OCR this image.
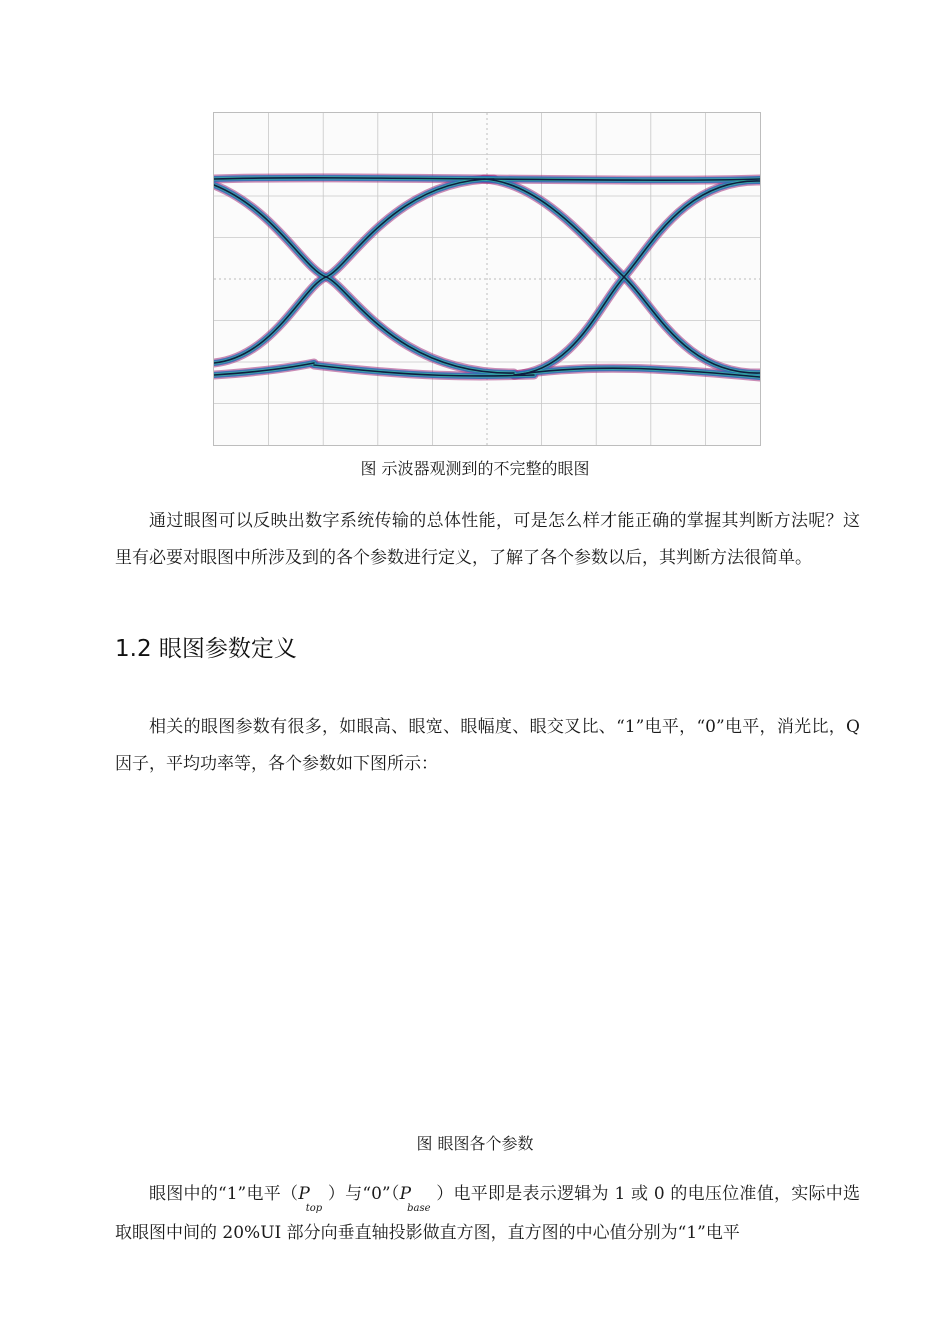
图 示波器观测到的不完整的眼图

通过眼图可以反映出数字系统传输的总体性能，可是怎么样才能正确的掌握其判断方法呢？这里有必要对眼图中所涉及到的各个参数进行定义，了解了各个参数以后，其判断方法很简单。

1.2 眼图参数定义

相关的眼图参数有很多，如眼高、眼宽、眼幅度、眼交叉比、“1”电平，“0”电平，消光比，Q 因子，平均功率等，各个参数如下图所示：

图 眼图各个参数

眼图中的“1”电平（$P_{top}$ ）与“$0”(P_{base}$ ）电平即是表示逻辑为 1 或 0 的电压位准值，实际中选取眼图中间的 20%UI 部分向垂直轴投影做直方图，直方图的中心值分别为“1”电平
